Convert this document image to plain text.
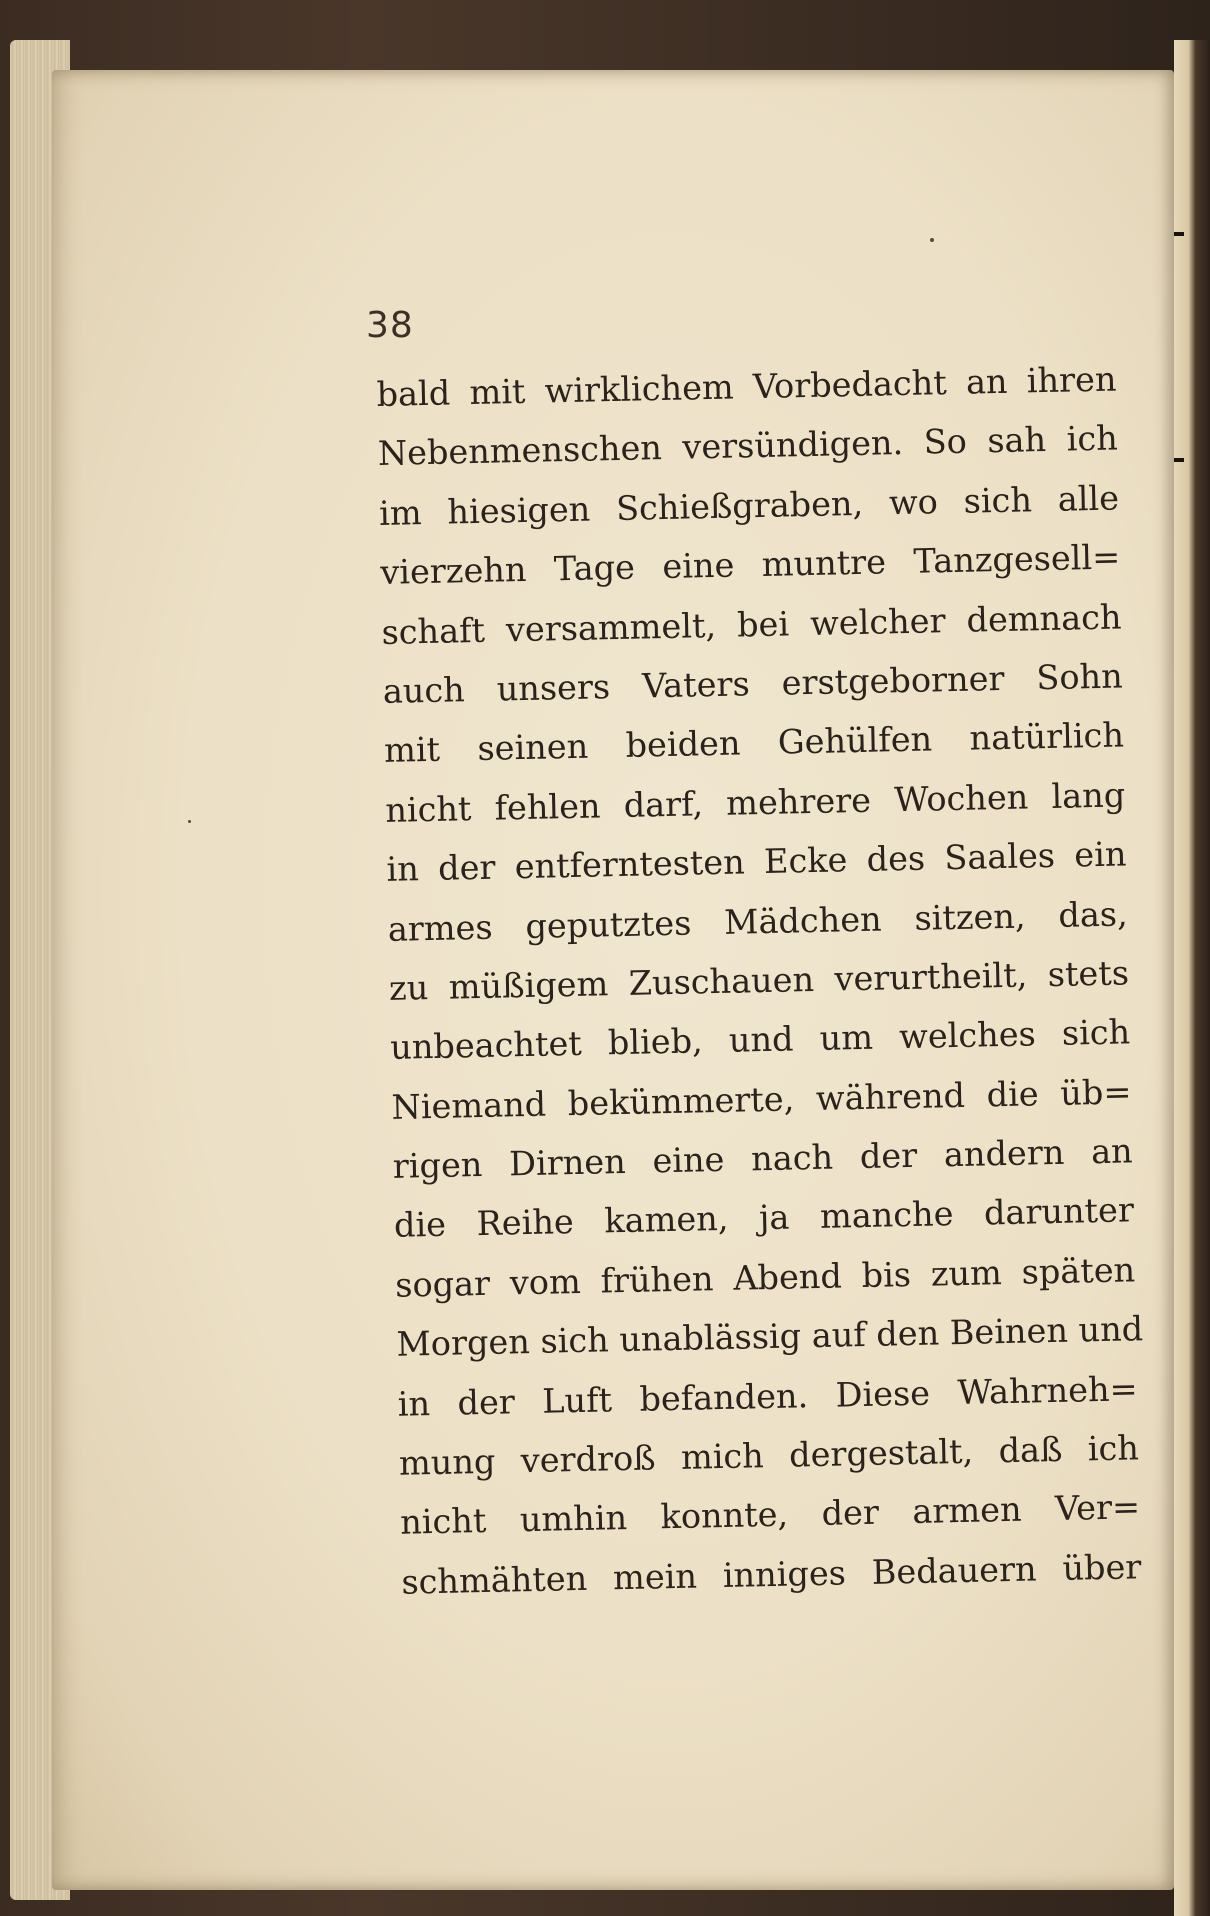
38
bald mit wirklichem Vorbedacht an ihren
Nebenmenschen versündigen. So sah ich
im hiesigen Schießgraben, wo sich alle
vierzehn Tage eine muntre Tanzgesell=
schaft versammelt, bei welcher demnach
auch unsers Vaters erstgeborner Sohn
mit seinen beiden Gehülfen natürlich
nicht fehlen darf, mehrere Wochen lang
in der entferntesten Ecke des Saales ein
armes geputztes Mädchen sitzen, das,
zu müßigem Zuschauen verurtheilt, stets
unbeachtet blieb, und um welches sich
Niemand bekümmerte, während die üb=
rigen Dirnen eine nach der andern an
die Reihe kamen, ja manche darunter
sogar vom frühen Abend bis zum späten
Morgen sich unablässig auf den Beinen und
in der Luft befanden. Diese Wahrneh=
mung verdroß mich dergestalt, daß ich
nicht umhin konnte, der armen Ver=
schmähten mein inniges Bedauern über
